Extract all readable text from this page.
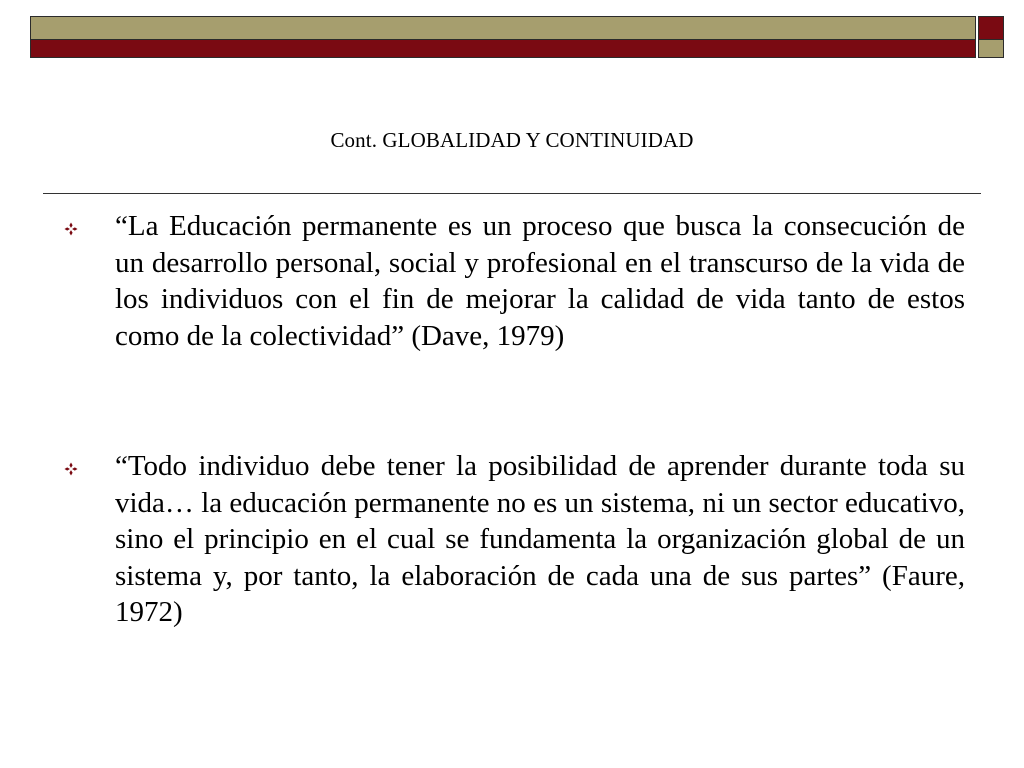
Cont. GLOBALIDAD Y CONTINUIDAD

“La Educación permanente es un proceso que busca la consecución de un desarrollo personal, social y profesional en el transcurso de la vida de los individuos con el fin de mejorar la calidad de vida tanto de estos como de la colectividad” (Dave, 1979)

“Todo individuo debe tener la posibilidad de aprender durante toda su vida… la educación permanente no es un sistema, ni un sector educativo, sino el principio en el cual se fundamenta la organización global de un sistema y, por tanto, la elaboración de cada una de sus partes” (Faure, 1972)
